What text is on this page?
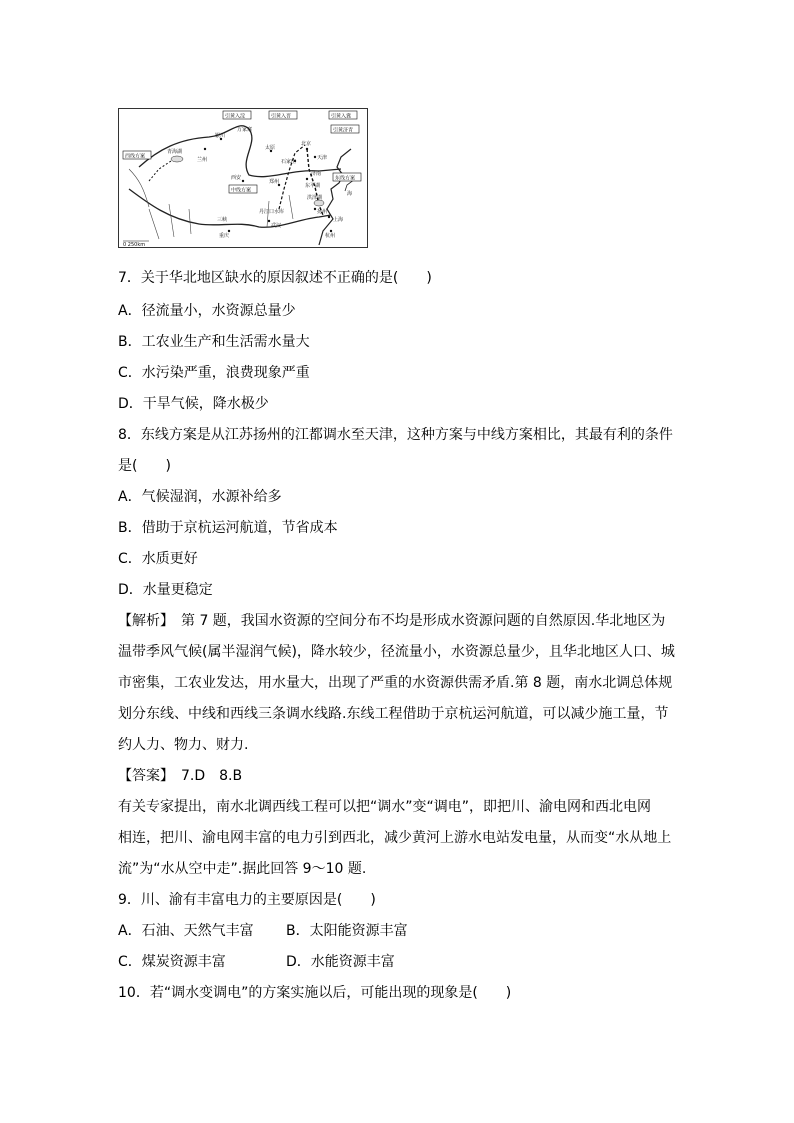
引黄入淀	引黄入晋	引黄入冀
引黄济青
西线方案
中线方案
东线方案
青海湖
兰州
银川
万家寨
太原
北京
天津
石家庄
西安
郑州
丹江口水库
三峡
武汉
重庆
洪泽湖
扬州
上海
杭州
济南
东平湖
海
0 250km
7．关于华北地区缺水的原因叙述不正确的是(　　)
A．径流量小，水资源总量少
B．工农业生产和生活需水量大
C．水污染严重，浪费现象严重
D．干旱气候，降水极少
8．东线方案是从江苏扬州的江都调水至天津，这种方案与中线方案相比，其最有利的条件
是(　　)
A．气候湿润，水源补给多
B．借助于京杭运河航道，节省成本
C．水质更好
D．水量更稳定
【解析】　第 7 题，我国水资源的空间分布不均是形成水资源问题的自然原因.华北地区为
温带季风气候(属半湿润气候)，降水较少，径流量小，水资源总量少，且华北地区人口、城
市密集，工农业发达，用水量大，出现了严重的水资源供需矛盾.第 8 题，南水北调总体规
划分东线、中线和西线三条调水线路.东线工程借助于京杭运河航道，可以减少施工量，节
约人力、物力、财力.
【答案】　7.D　8.B
有关专家提出，南水北调西线工程可以把“调水”变“调电”，即把川、渝电网和西北电网
相连，把川、渝电网丰富的电力引到西北，减少黄河上游水电站发电量，从而变“水从地上
流”为“水从空中走”.据此回答 9～10 题.
9．川、渝有丰富电力的主要原因是(　　)
A．石油、天然气丰富 B．太阳能资源丰富
C．煤炭资源丰富	D．水能资源丰富
10．若“调水变调电”的方案实施以后，可能出现的现象是(　　)
